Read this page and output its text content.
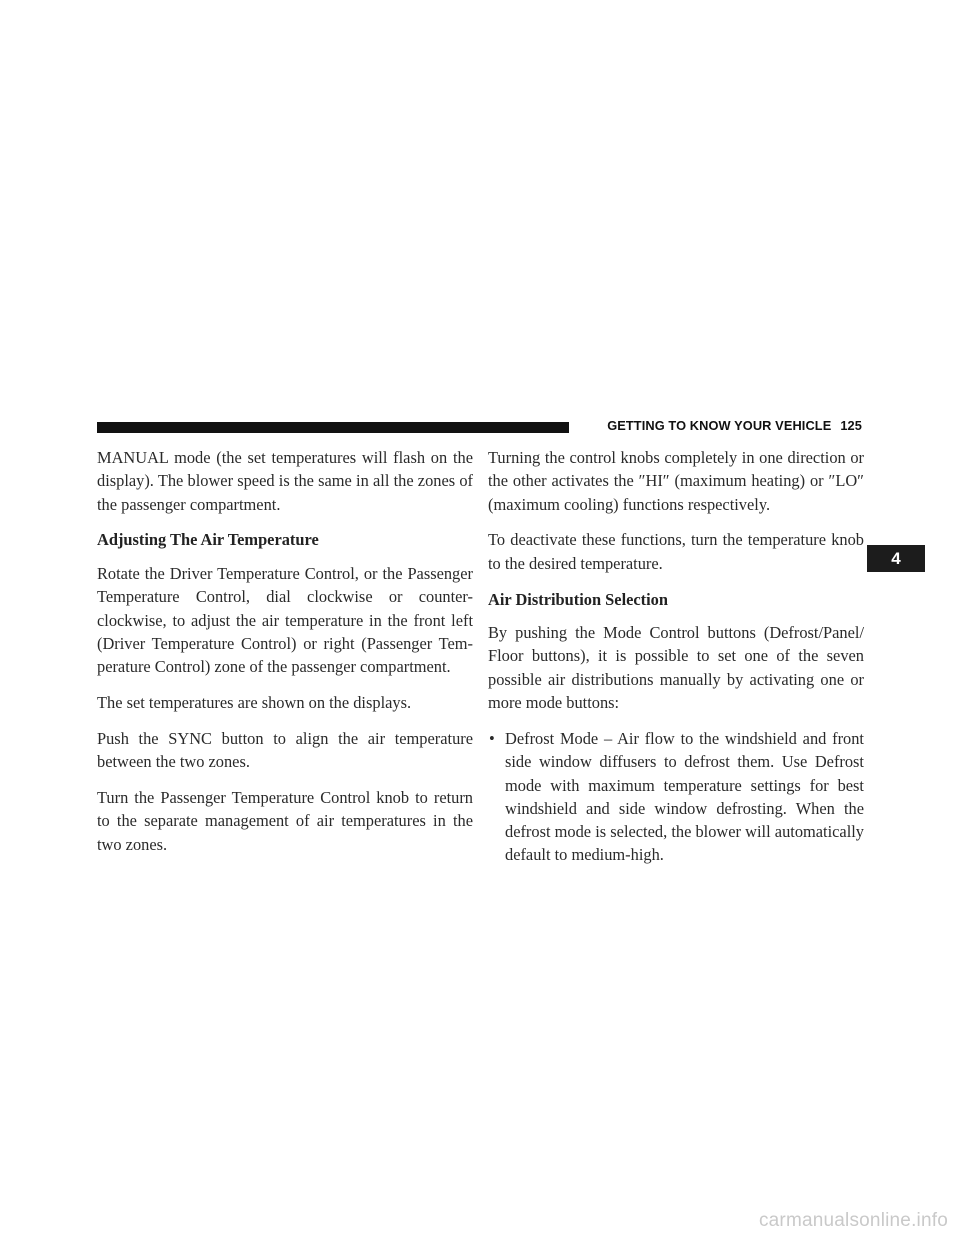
GETTING TO KNOW YOUR VEHICLE 125

MANUAL mode (the set temperatures will flash on the display). The blower speed is the same in all the zones of the passenger compartment.

Adjusting The Air Temperature

Rotate the Driver Temperature Control, or the Passenger Temperature Control, dial clockwise or counter-clockwise, to adjust the air temperature in the front left (Driver Temperature Control) or right (Passenger Tem-perature Control) zone of the passenger compartment.

The set temperatures are shown on the displays.

Push the SYNC button to align the air temperature between the two zones.

Turn the Passenger Temperature Control knob to return to the separate management of air temperatures in the two zones.

Turning the control knobs completely in one direction or the other activates the ″HI″ (maximum heating) or ″LO″ (maximum cooling) functions respectively.

To deactivate these functions, turn the temperature knob to the desired temperature.

Air Distribution Selection

By pushing the Mode Control buttons (Defrost/Panel/ Floor buttons), it is possible to set one of the seven possible air distributions manually by activating one or more mode buttons:

• Defrost Mode – Air flow to the windshield and front side window diffusers to defrost them. Use Defrost mode with maximum temperature settings for best windshield and side window defrosting. When the defrost mode is selected, the blower will automatically default to medium-high.
4
carmanualsonline.info
